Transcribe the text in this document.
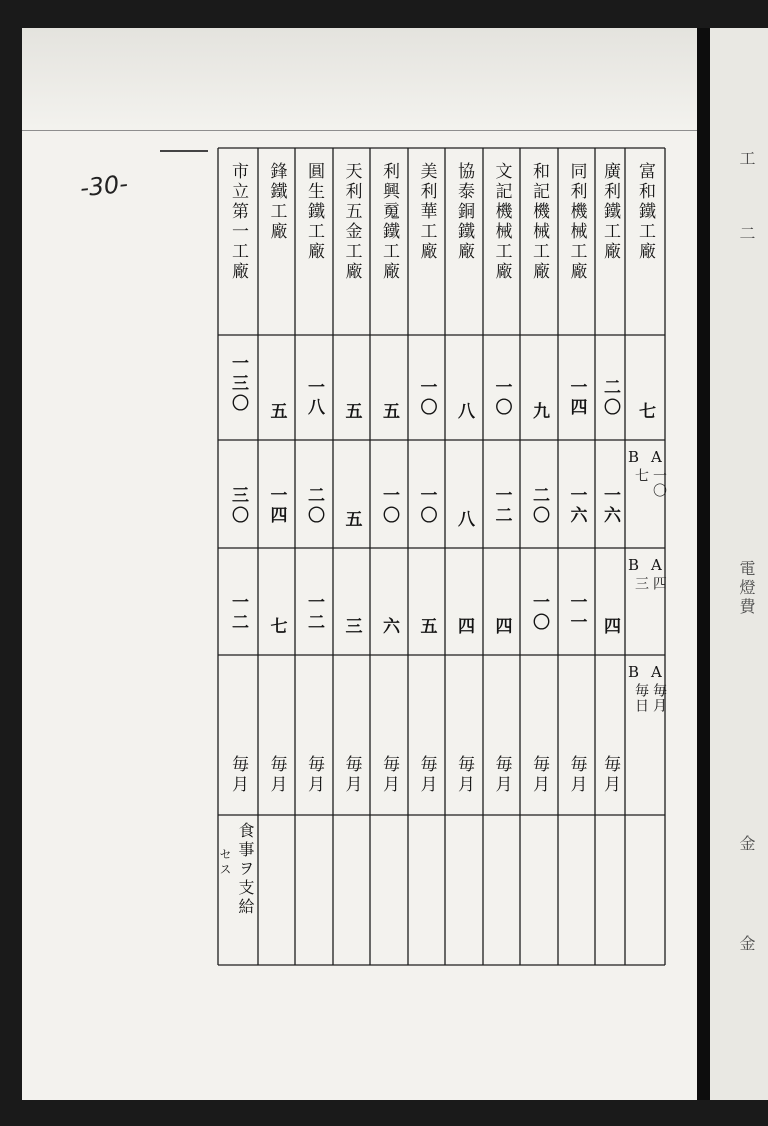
工
二
電燈費
金
金
-30-	富和鐵工廠
七
A
B
一〇
七
A
B
四
三
A
B
毎月
毎日
廣利鐵工廠
二〇
一六
四
毎月
同利機械工廠
一四
一六
一一
毎月
和記機械工廠
九
二〇
一〇
毎月
文記機械工廠
一〇
一二
四
毎月
協泰銅鐵廠
八
八
四
毎月
美利華工廠
一〇
一〇
五
毎月
利興䰟鐵工廠
五
一〇
六
毎月
天利五金工廠
五
五
三
毎月
圓生鐵工廠
一八
二〇
一二
毎月
鋒鐵工廠
五
一四
七
毎月
市立第一工廠
一三〇
三〇
一二
毎月
食事ヲ支給
セス
